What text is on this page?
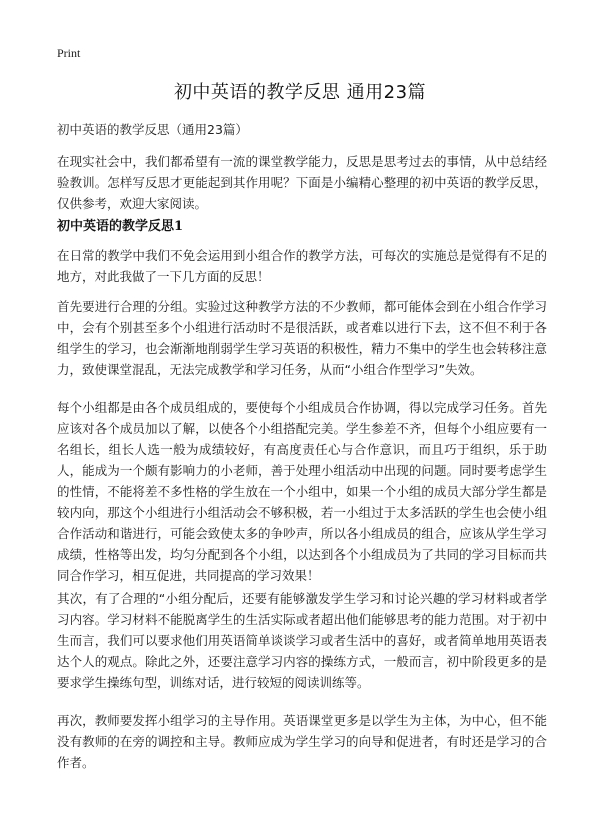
Print
初中英语的教学反思 通用23篇
初中英语的教学反思（通用23篇）
在现实社会中，我们都希望有一流的课堂教学能力，反思是思考过去的事情，从中总结经验教训。怎样写反思才更能起到其作用呢？下面是小编精心整理的初中英语的教学反思，仅供参考，欢迎大家阅读。
初中英语的教学反思1
在日常的教学中我们不免会运用到小组合作的教学方法，可每次的实施总是觉得有不足的地方，对此我做了一下几方面的反思！
首先要进行合理的分组。实验过这种教学方法的不少教师，都可能体会到在小组合作学习中，会有个别甚至多个小组进行活动时不是很活跃，或者难以进行下去，这不但不利于各组学生的学习，也会渐渐地削弱学生学习英语的积极性，精力不集中的学生也会转移注意力，致使课堂混乱，无法完成教学和学习任务，从而“小组合作型学习”失效。
每个小组都是由各个成员组成的，要使每个小组成员合作协调，得以完成学习任务。首先应该对各个成员加以了解，以使各个小组搭配完美。学生参差不齐，但每个小组应要有一名组长，组长人选一般为成绩较好，有高度责任心与合作意识，而且巧于组织，乐于助人，能成为一个颇有影响力的小老师，善于处理小组活动中出现的问题。同时要考虑学生的性情，不能将差不多性格的学生放在一个小组中，如果一个小组的成员大部分学生都是较内向，那这个小组进行小组活动会不够积极，若一小组过于太多活跃的学生也会使小组合作活动和谐进行，可能会致使太多的争吵声，所以各小组成员的组合，应该从学生学习成绩，性格等出发，均匀分配到各个小组，以达到各个小组成员为了共同的学习目标而共同合作学习，相互促进，共同提高的学习效果！
其次，有了合理的“小组分配后，还要有能够激发学生学习和讨论兴趣的学习材料或者学习内容。学习材料不能脱离学生的生活实际或者超出他们能够思考的能力范围。对于初中生而言，我们可以要求他们用英语简单谈谈学习或者生活中的喜好，或者简单地用英语表达个人的观点。除此之外，还要注意学习内容的操练方式，一般而言，初中阶段更多的是要求学生操练句型，训练对话，进行较短的阅读训练等。
再次，教师要发挥小组学习的主导作用。英语课堂更多是以学生为主体，为中心，但不能没有教师的在旁的调控和主导。教师应成为学生学习的向导和促进者，有时还是学习的合作者。
